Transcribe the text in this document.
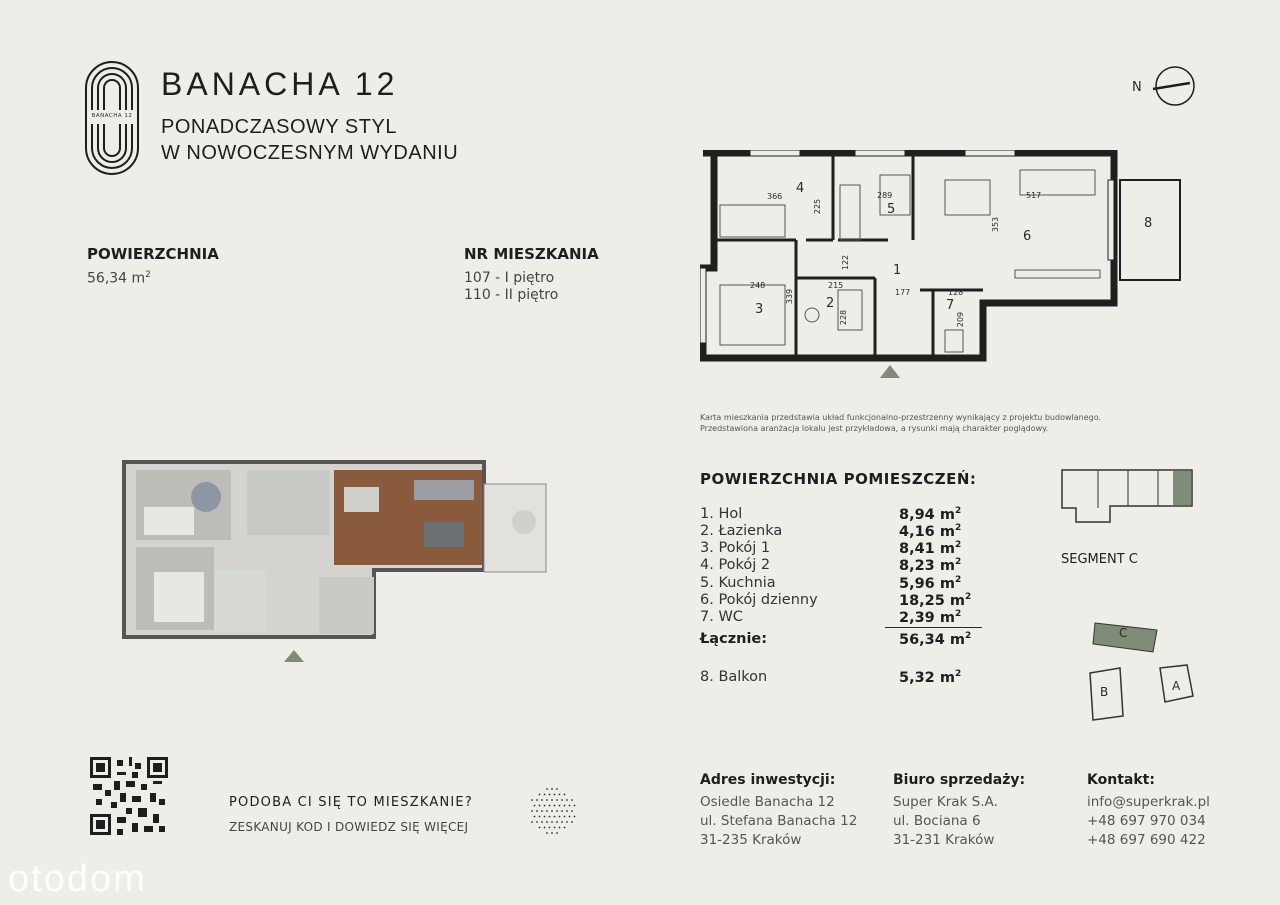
BANACHA 12
BANACHA 12
PONADCZASOWY STYL
W NOWOCZESNYM WYDANIU
POWIERZCHNIA
56,34 $m^2$
NR MIESZKANIA
107 - I piętro
110 - II piętro
N
4
5
6
8
1
3	2	7
366
225
289	517
353
248
339
215
177	128
209
122
228
Karta mieszkania przedstawia układ funkcjonalno-przestrzenny wynikający z projektu budowlanego.
Przedstawiona aranżacja lokalu jest przykładowa, a rysunki mają charakter poglądowy.
POWIERZCHNIA POMIESZCZEŃ:
1. Hol	8,94 $m^2$
2. Łazienka	4,16 $m^2$
3. Pokój 1	8,41 $m^2$
4. Pokój 2	8,23 $m^2$
5. Kuchnia	5,96 $m^2$
6. Pokój dzienny	18,25 $m^2$
7. WC	2,39 $m^2$
Łącznie:	56,34 $m^2$
8. Balkon	5,32 $m^2$
SEGMENT C
C
B	A
PODOBA CI SIĘ TO MIESZKANIE?
ZESKANUJ KOD I DOWIEDZ SIĘ WIĘCEJ
Adres inwestycji:
Osiedle Banacha 12
ul. Stefana Banacha 12
31-235 Kraków
Biuro sprzedaży:
Super Krak S.A.
ul. Bociana 6
31-231 Kraków
Kontakt:
info@superkrak.pl
+48 697 970 034
+48 697 690 422
otodom
